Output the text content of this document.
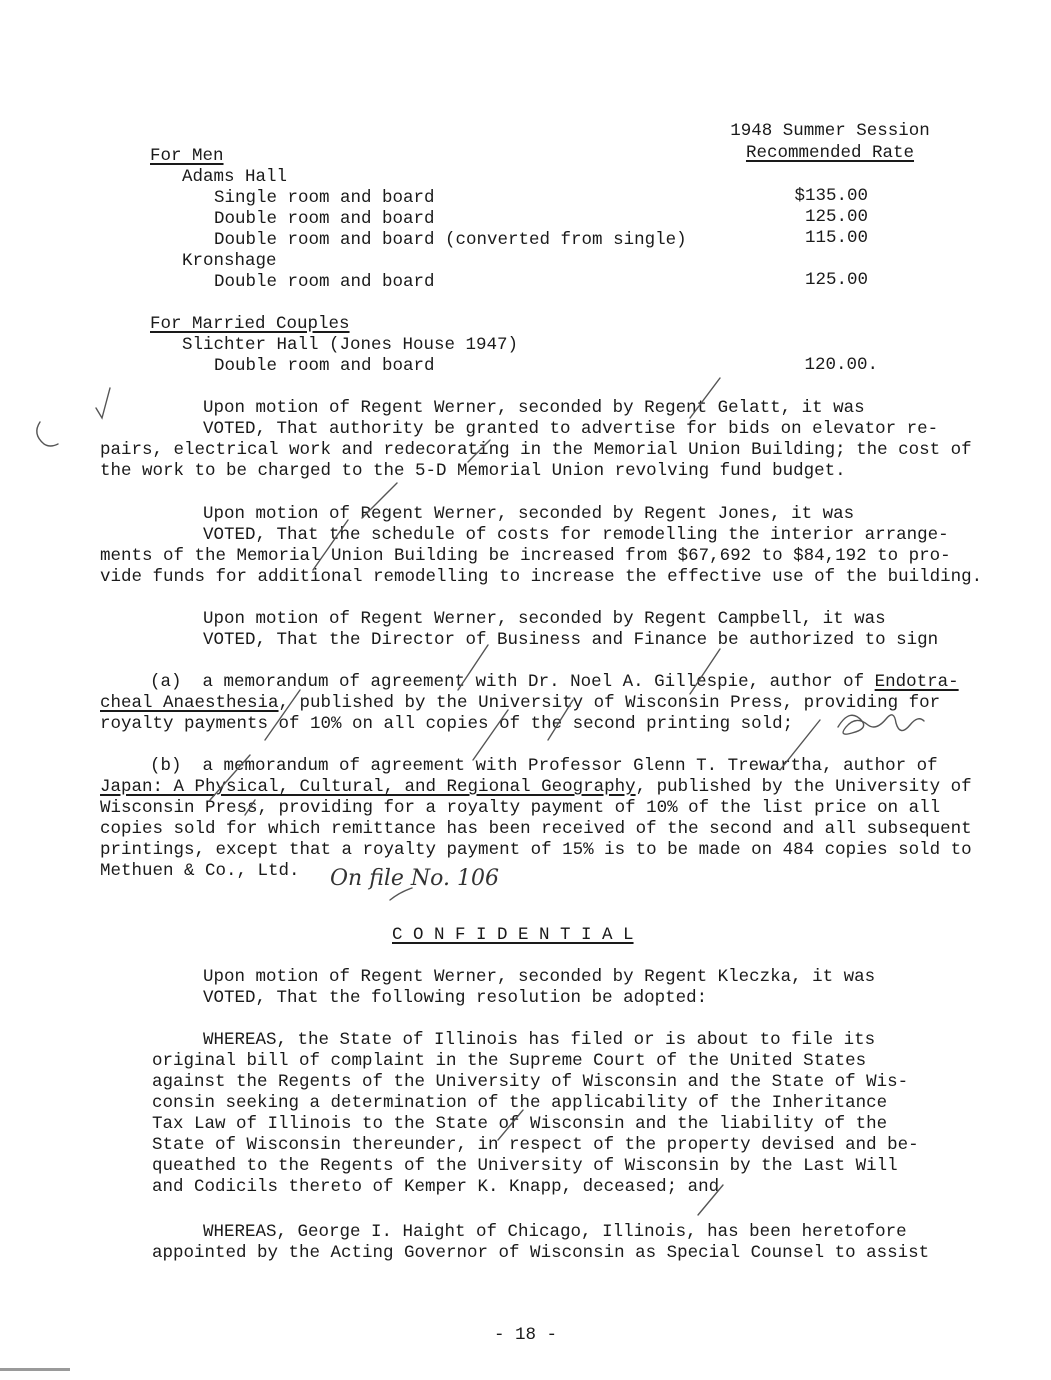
1948 Summer Session
Recommended Rate
For Men
Adams Hall
Single room and board	$135.00
Double room and board	125.00
Double room and board (converted from single)	115.00
Kronshage
Double room and board	125.00
For Married Couples
Slichter Hall (Jones House 1947)
Double room and board	120.00.
Upon motion of Regent Werner, seconded by Regent Gelatt, it was
VOTED, That authority be granted to advertise for bids on elevator re-
pairs, electrical work and redecorating in the Memorial Union Building; the cost of
the work to be charged to the 5-D Memorial Union revolving fund budget.
Upon motion of Regent Werner, seconded by Regent Jones, it was
VOTED, That the schedule of costs for remodelling the interior arrange-
ments of the Memorial Union Building be increased from $67,692 to $84,192 to pro-
vide funds for additional remodelling to increase the effective use of the building.
Upon motion of Regent Werner, seconded by Regent Campbell, it was
VOTED, That the Director of Business and Finance be authorized to sign
(a)  a memorandum of agreement with Dr. Noel A. Gillespie, author of Endotra-
cheal Anaesthesia, published by the University of Wisconsin Press, providing for
royalty payments of 10% on all copies of the second printing sold;
(b)  a memorandum of agreement with Professor Glenn T. Trewartha, author of
Japan: A Physical, Cultural, and Regional Geography, published by the University of
Wisconsin Press, providing for a royalty payment of 10% of the list price on all
copies sold for which remittance has been received of the second and all subsequent
printings, except that a royalty payment of 15% is to be made on 484 copies sold to
Methuen & Co., Ltd.
C O N F I D E N T I A L
Upon motion of Regent Werner, seconded by Regent Kleczka, it was
VOTED, That the following resolution be adopted:
WHEREAS, the State of Illinois has filed or is about to file its
original bill of complaint in the Supreme Court of the United States
against the Regents of the University of Wisconsin and the State of Wis-
consin seeking a determination of the applicability of the Inheritance
Tax Law of Illinois to the State of Wisconsin and the liability of the
State of Wisconsin thereunder, in respect of the property devised and be-
queathed to the Regents of the University of Wisconsin by the Last Will
and Codicils thereto of Kemper K. Knapp, deceased; and
WHEREAS, George I. Haight of Chicago, Illinois, has been heretofore
appointed by the Acting Governor of Wisconsin as Special Counsel to assist
- 18 -
On file No. 106
